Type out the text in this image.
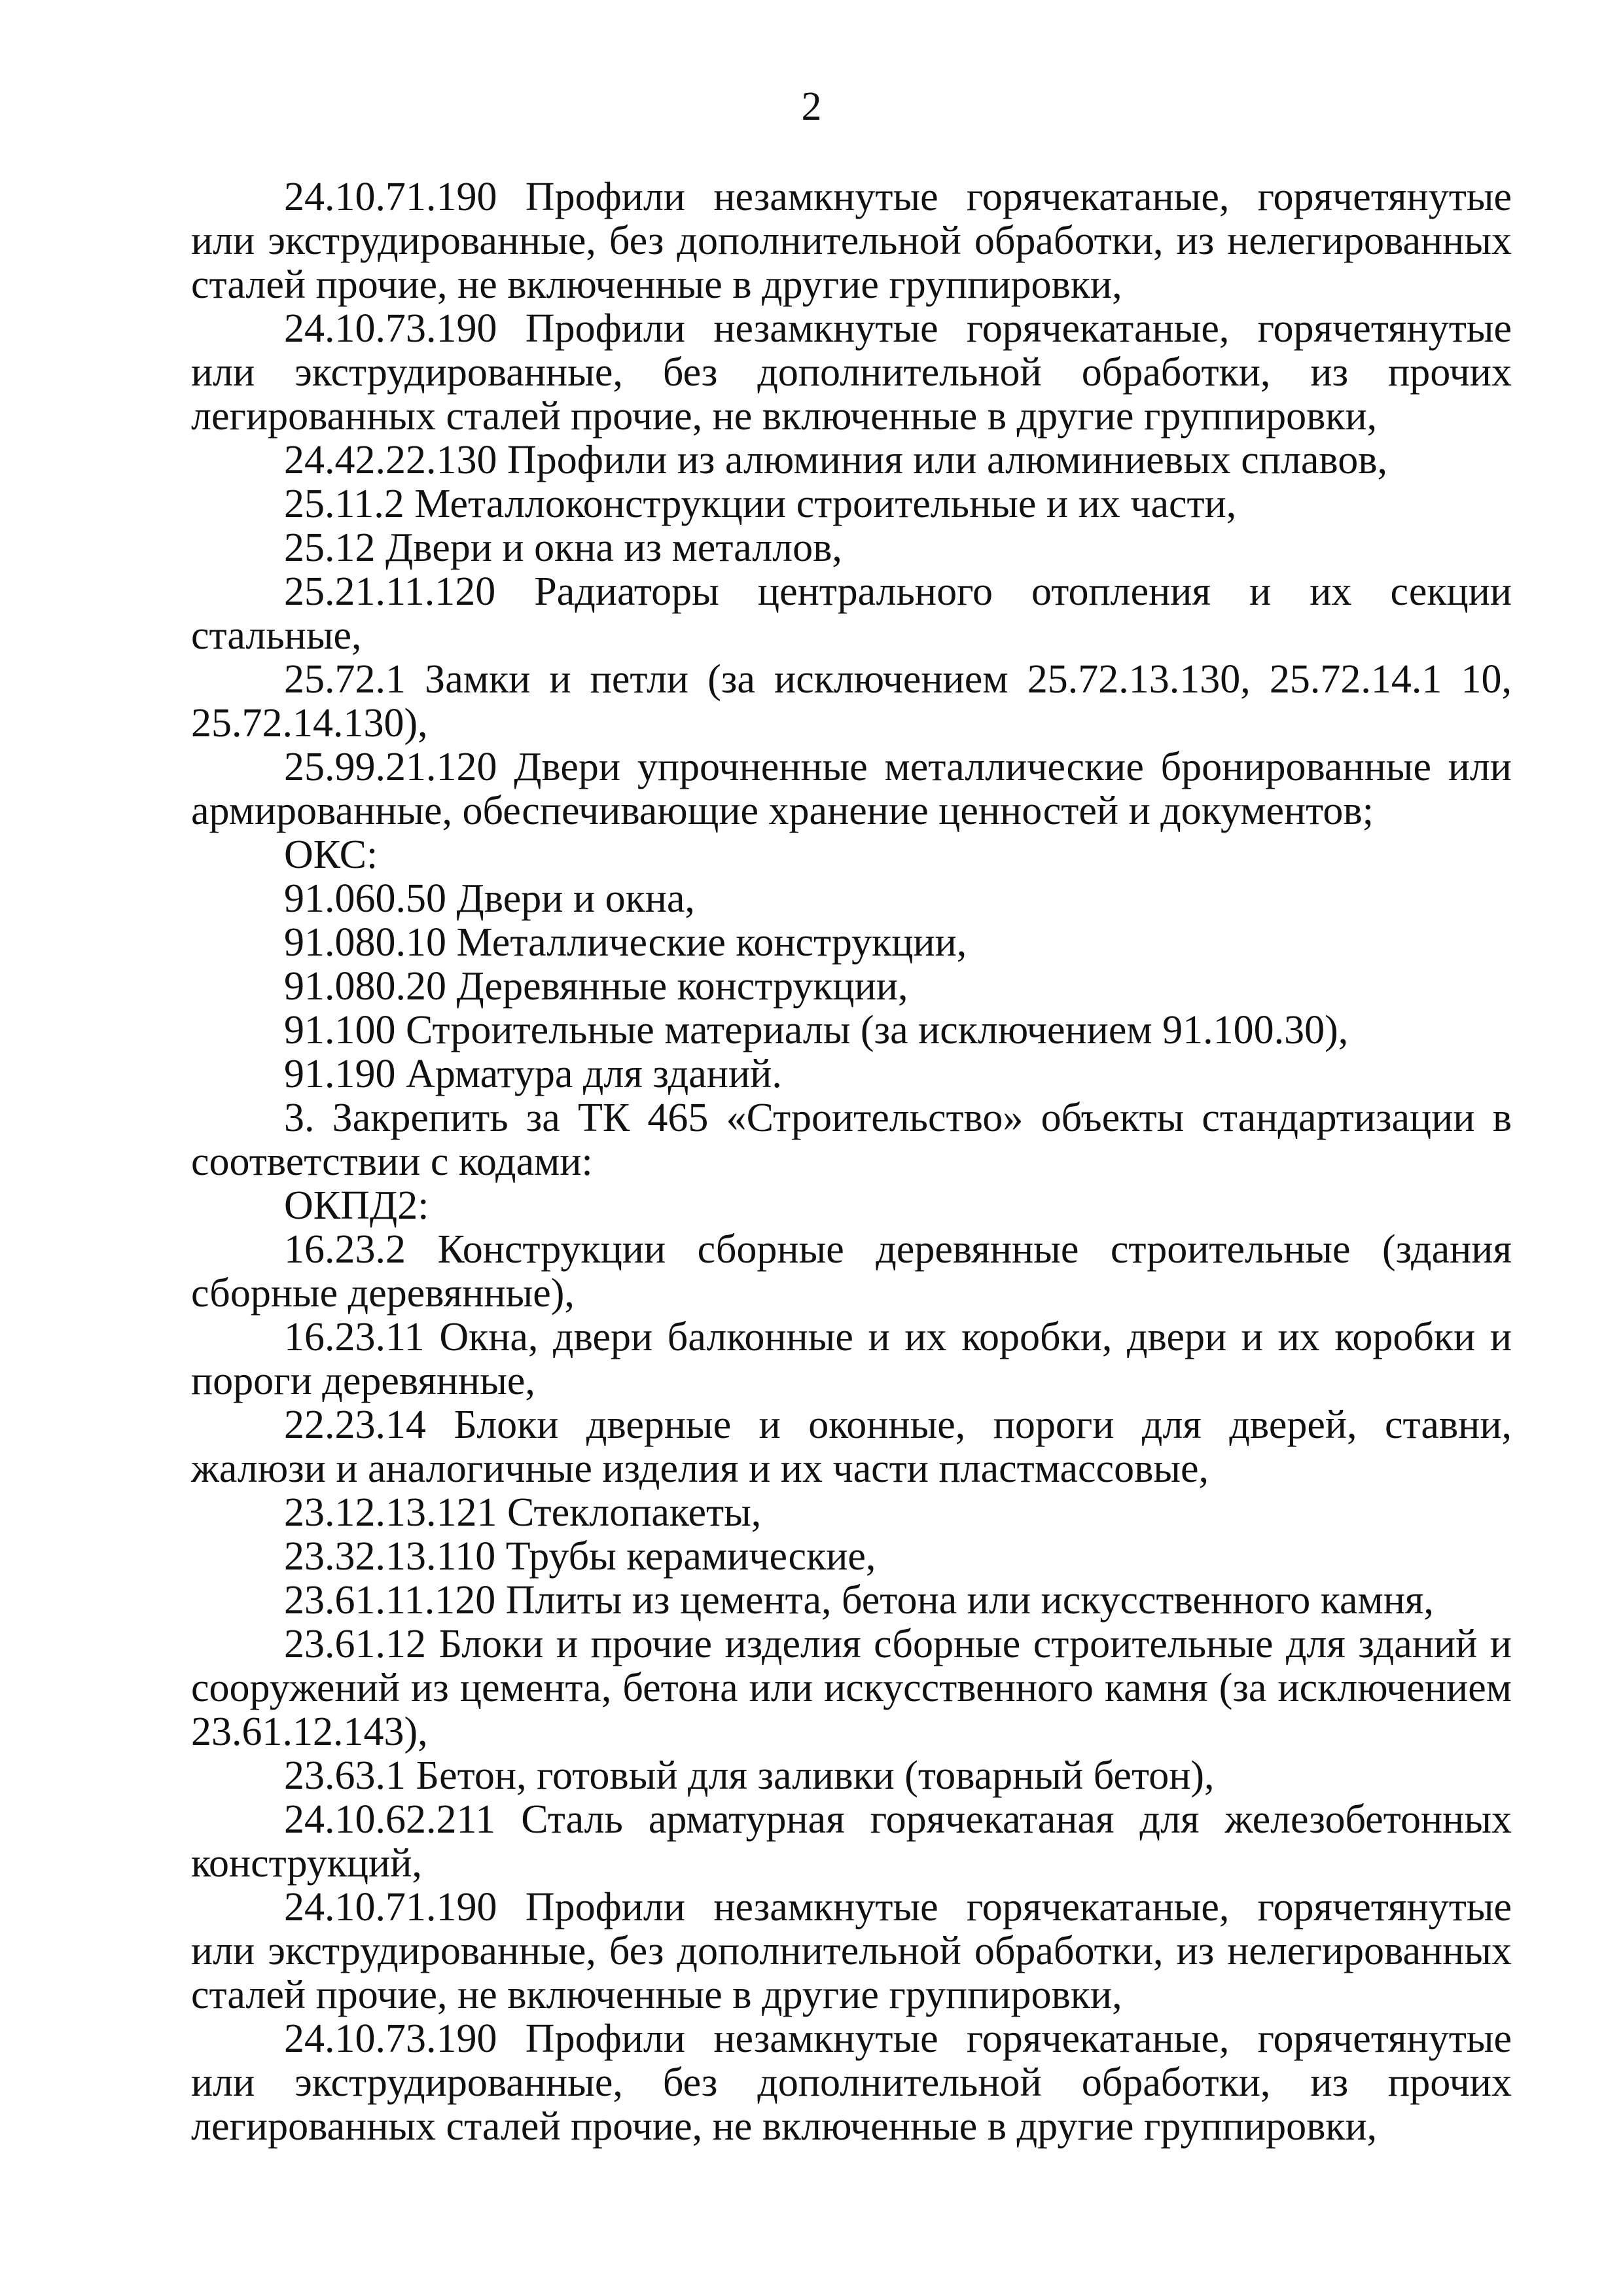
2

24.10.71.190 Профили незамкнутые горячекатаные, горячетянутые или экструдированные, без дополнительной обработки, из нелегированных сталей прочие, не включенные в другие группировки,

24.10.73.190 Профили незамкнутые горячекатаные, горячетянутые или экструдированные, без дополнительной обработки, из прочих легированных сталей прочие, не включенные в другие группировки,

24.42.22.130 Профили из алюминия или алюминиевых сплавов,

25.11.2 Металлоконструкции строительные и их части,

25.12 Двери и окна из металлов,

25.21.11.120 Радиаторы центрального отопления и их секции стальные,

25.72.1 Замки и петли (за исключением 25.72.13.130, 25.72.14.1 10, 25.72.14.130),

25.99.21.120 Двери упрочненные металлические бронированные или армированные, обеспечивающие хранение ценностей и документов;

ОКС:

91.060.50 Двери и окна,

91.080.10 Металлические конструкции,

91.080.20 Деревянные конструкции,

91.100 Строительные материалы (за исключением 91.100.30),

91.190 Арматура для зданий.

3. Закрепить за ТК 465 «Строительство» объекты стандартизации в соответствии с кодами:

ОКПД2:

16.23.2 Конструкции сборные деревянные строительные (здания сборные деревянные),

16.23.11 Окна, двери балконные и их коробки, двери и их коробки и пороги деревянные,

22.23.14 Блоки дверные и оконные, пороги для дверей, ставни, жалюзи и аналогичные изделия и их части пластмассовые,

23.12.13.121 Стеклопакеты,

23.32.13.110 Трубы керамические,

23.61.11.120 Плиты из цемента, бетона или искусственного камня,

23.61.12 Блоки и прочие изделия сборные строительные для зданий и сооружений из цемента, бетона или искусственного камня (за исключением 23.61.12.143),

23.63.1 Бетон, готовый для заливки (товарный бетон),

24.10.62.211 Сталь арматурная горячекатаная для железобетонных конструкций,

24.10.71.190 Профили незамкнутые горячекатаные, горячетянутые или экструдированные, без дополнительной обработки, из нелегированных сталей прочие, не включенные в другие группировки,

24.10.73.190 Профили незамкнутые горячекатаные, горячетянутые или экструдированные, без дополнительной обработки, из прочих легированных сталей прочие, не включенные в другие группировки,
